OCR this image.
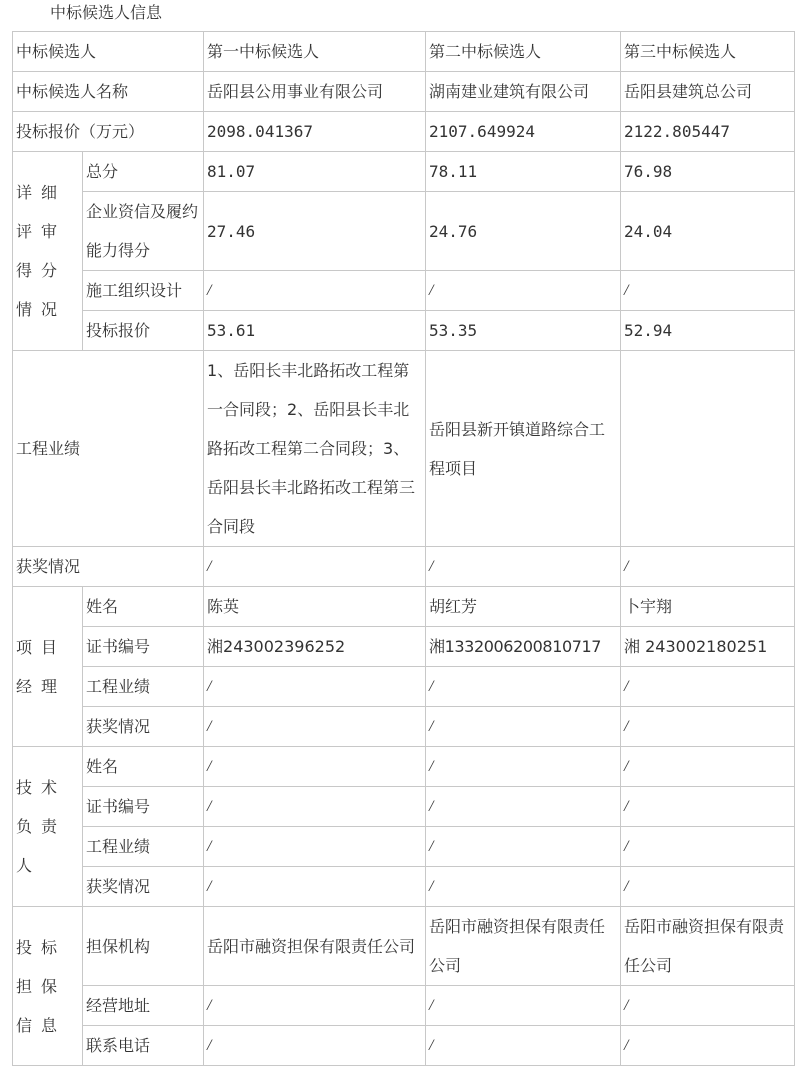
中标候选人信息
中标候选人		第一中标候选人	第二中标候选人	第三中标候选人
中标候选人名称		岳阳县公用事业有限公司	湖南建业建筑有限公司	岳阳县建筑总公司
投标报价（万元）		2098.041367	2107.649924	2122.805447
详细评审得分情况	总分	81.07	78.11	76.98
	企业资信及履约能力得分	27.46	24.76	24.04
	施工组织设计	/	/	/
	投标报价	53.61	53.35	52.94
工程业绩		1、岳阳长丰北路拓改工程第一合同段；2、岳阳县长丰北路拓改工程第二合同段；3、岳阳县长丰北路拓改工程第三合同段	岳阳县新开镇道路综合工程项目	
获奖情况		/	/	/
项目经理	姓名	陈英	胡红芳	卜宇翔
	证书编号	湘243002396252	湘1332006200810717	湘 243002180251
	工程业绩	/	/	/
	获奖情况	/	/	/
技术负责人	姓名	/	/	/
	证书编号	/	/	/
	工程业绩	/	/	/
	获奖情况	/	/	/
投标担保信息	担保机构	岳阳市融资担保有限责任公司	岳阳市融资担保有限责任公司	岳阳市融资担保有限责任公司
	经营地址	/	/	/
	联系电话	/	/	/
